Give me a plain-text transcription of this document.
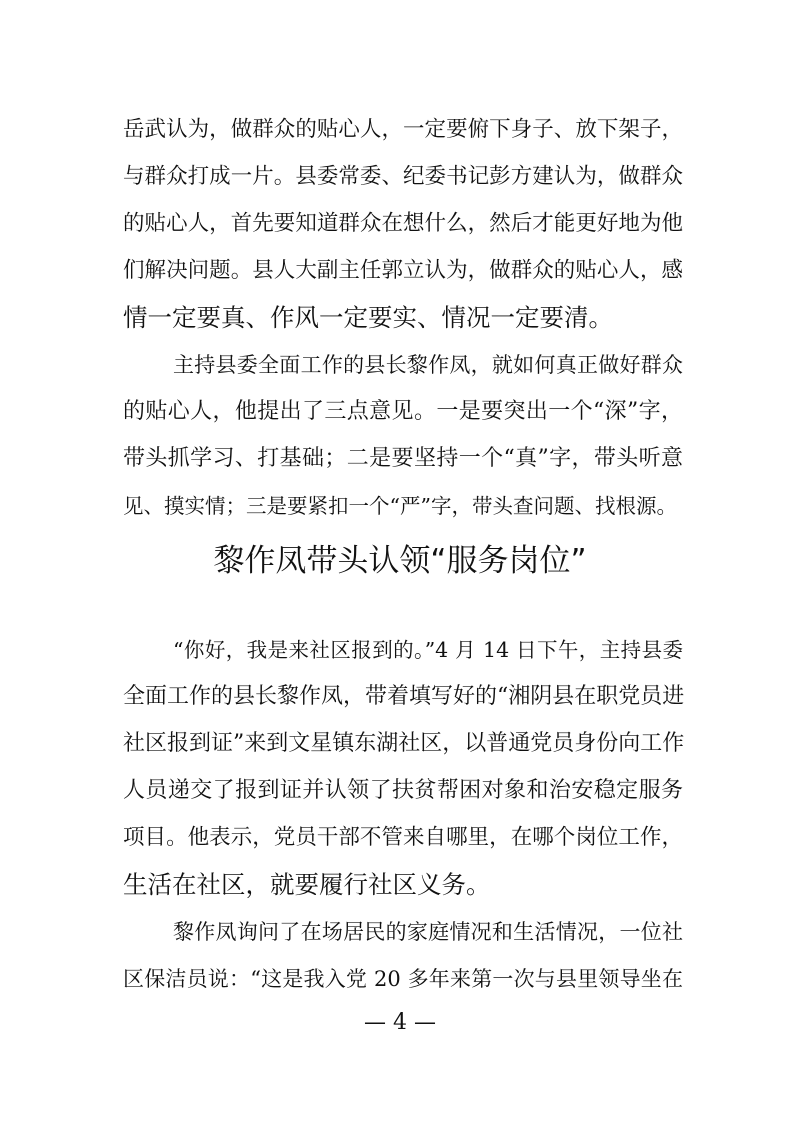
岳武认为，做群众的贴心人，一定要俯下身子、放下架子，
与群众打成一片。县委常委、纪委书记彭方建认为，做群众
的贴心人，首先要知道群众在想什么，然后才能更好地为他
们解决问题。县人大副主任郭立认为，做群众的贴心人，感
情一定要真、作风一定要实、情况一定要清。
主持县委全面工作的县长黎作凤，就如何真正做好群众
的贴心人，他提出了三点意见。一是要突出一个“深”字，
带头抓学习、打基础；二是要坚持一个“真”字，带头听意
见、摸实情；三是要紧扣一个“严”字，带头查问题、找根源。
黎作凤带头认领“服务岗位”
“你好，我是来社区报到的。”4 月 14 日下午，主持县委
全面工作的县长黎作凤，带着填写好的“湘阴县在职党员进
社区报到证”来到文星镇东湖社区，以普通党员身份向工作
人员递交了报到证并认领了扶贫帮困对象和治安稳定服务
项目。他表示，党员干部不管来自哪里，在哪个岗位工作，
生活在社区，就要履行社区义务。
黎作凤询问了在场居民的家庭情况和生活情况，一位社
区保洁员说：“这是我入党 20 多年来第一次与县里领导坐在
— 4 —
